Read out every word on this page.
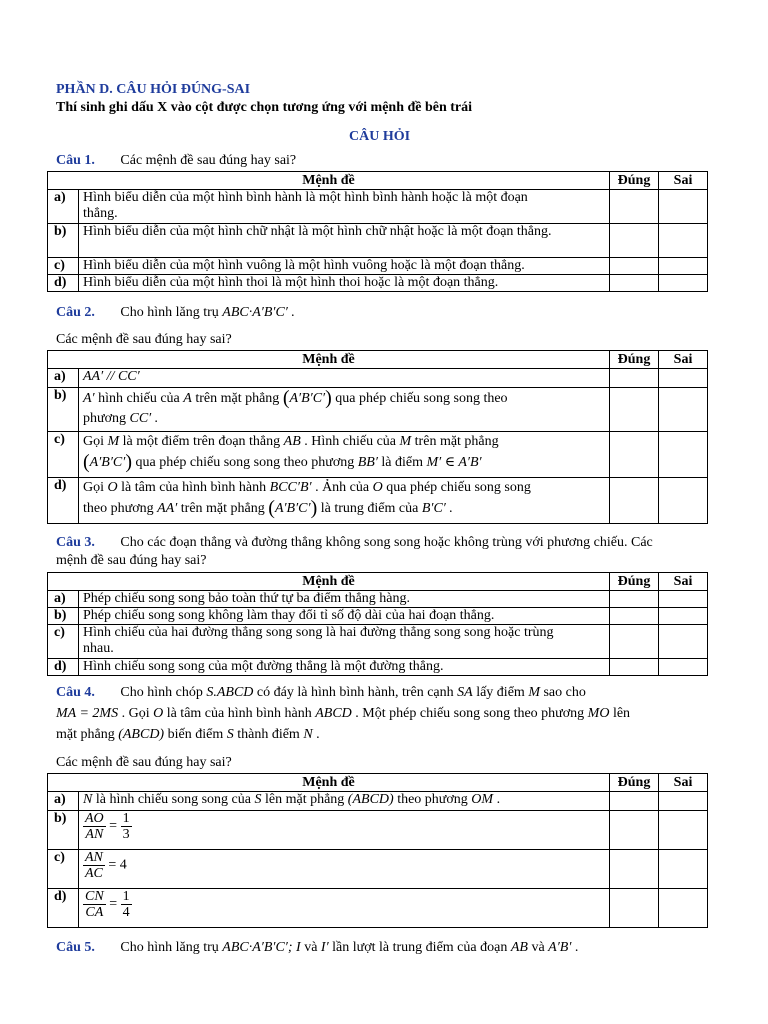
PHẦN D. CÂU HỎI ĐÚNG-SAI
Thí sinh ghi dấu X vào cột được chọn tương ứng với mệnh đề bên trái
CÂU HỎI
Câu 1. Các mệnh đề sau đúng hay sai?
Mệnh đề		Đúng	Sai
a)	Hình biểu diễn của một hình bình hành là một hình bình hành hoặc là một đoạn
thẳng.		
b)	Hình biểu diễn của một hình chữ nhật là một hình chữ nhật hoặc là một đoạn thẳng.		
c)	Hình biểu diễn của một hình vuông là một hình vuông hoặc là một đoạn thẳng.		
d)	Hình biểu diễn của một hình thoi là một hình thoi hoặc là một đoạn thẳng.		
Câu 2. Cho hình lăng trụ ABC·A′B′C′ .
Các mệnh đề sau đúng hay sai?
Mệnh đề		Đúng	Sai
a)	AA′ // CC′		
b)	A′ hình chiếu của A trên mặt phẳng (A′B′C′) qua phép chiếu song song theo
phương CC′ .		
c)	Gọi M là một điểm trên đoạn thẳng AB . Hình chiếu của M trên mặt phẳng
(A′B′C′) qua phép chiếu song song theo phương BB′ là điểm M′ ∈ A′B′		
d)	Gọi O là tâm của hình bình hành BCC′B′ . Ảnh của O qua phép chiếu song song
theo phương AA′ trên mặt phẳng (A′B′C′) là trung điểm của B′C′ .		
Câu 3. Cho các đoạn thẳng và đường thẳng không song song hoặc không trùng với phương chiếu. Các
mệnh đề sau đúng hay sai?
Mệnh đề		Đúng	Sai
a)	Phép chiếu song song bảo toàn thứ tự ba điểm thẳng hàng.		
b)	Phép chiếu song song không làm thay đổi tỉ số độ dài của hai đoạn thẳng.		
c)	Hình chiếu của hai đường thẳng song song là hai đường thẳng song song hoặc trùng
nhau.		
d)	Hình chiếu song song của một đường thẳng là một đường thẳng.		
Câu 4. Cho hình chóp S.ABCD có đáy là hình bình hành, trên cạnh SA lấy điểm M sao cho
MA = 2MS . Gọi O là tâm của hình bình hành ABCD . Một phép chiếu song song theo phương MO lên
mặt phẳng (ABCD) biến điểm S thành điểm N .
Các mệnh đề sau đúng hay sai?
Mệnh đề		Đúng	Sai
a)	N là hình chiếu song song của S lên mặt phẳng (ABCD) theo phương OM .		
b)	$\frac{AO}{AN} = \frac{1}{3}$

c)	$\frac{AN}{AC} = 4$		
d)	$\frac{CN}{CA} = \frac{1}{4}$

Câu 5. Cho hình lăng trụ ABC·A′B′C′; I và I′ lần lượt là trung điểm của đoạn AB và A′B′ .
